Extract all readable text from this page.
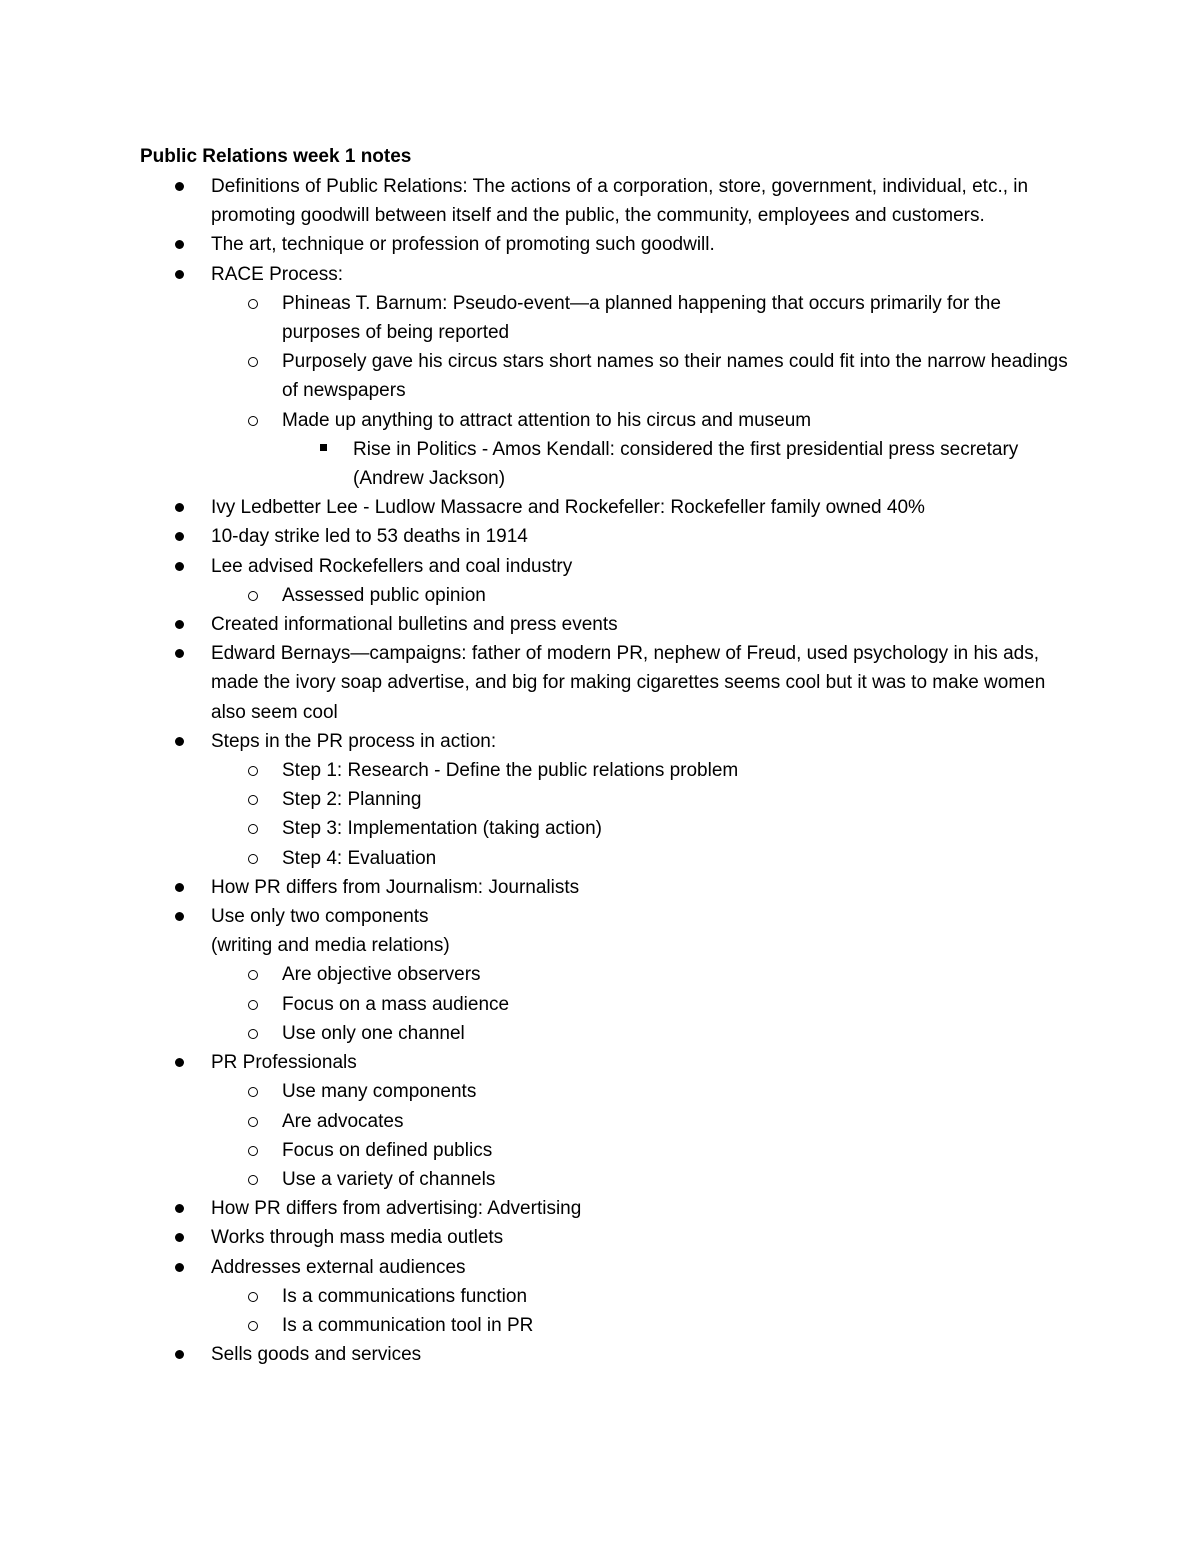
Public Relations week 1 notes
Definitions of Public Relations: The actions of a corporation, store, government, individual, etc., in promoting goodwill between itself and the public, the community, employees and customers.
The art, technique or profession of promoting such goodwill.
RACE Process:
Phineas T. Barnum: Pseudo-event—a planned happening that occurs primarily for the purposes of being reported
Purposely gave his circus stars short names so their names could fit into the narrow headings of newspapers
Made up anything to attract attention to his circus and museum
Rise in Politics - Amos Kendall: considered the first presidential press secretary (Andrew Jackson)
Ivy Ledbetter Lee - Ludlow Massacre and Rockefeller: Rockefeller family owned 40%
10-day strike led to 53 deaths in 1914
Lee advised Rockefellers and coal industry
Assessed public opinion
Created informational bulletins and press events
Edward Bernays—campaigns: father of modern PR, nephew of Freud, used psychology in his ads, made the ivory soap advertise, and big for making cigarettes seems cool but it was to make women also seem cool
Steps in the PR process in action:
Step 1: Research - Define the public relations problem
Step 2: Planning
Step 3: Implementation (taking action)
Step 4: Evaluation
How PR differs from Journalism: Journalists
Use only two components
(writing and media relations)
Are objective observers
Focus on a mass audience
Use only one channel
PR Professionals
Use many components
Are advocates
Focus on defined publics
Use a variety of channels
How PR differs from advertising: Advertising
Works through mass media outlets
Addresses external audiences
Is a communications function
Is a communication tool in PR
Sells goods and services
